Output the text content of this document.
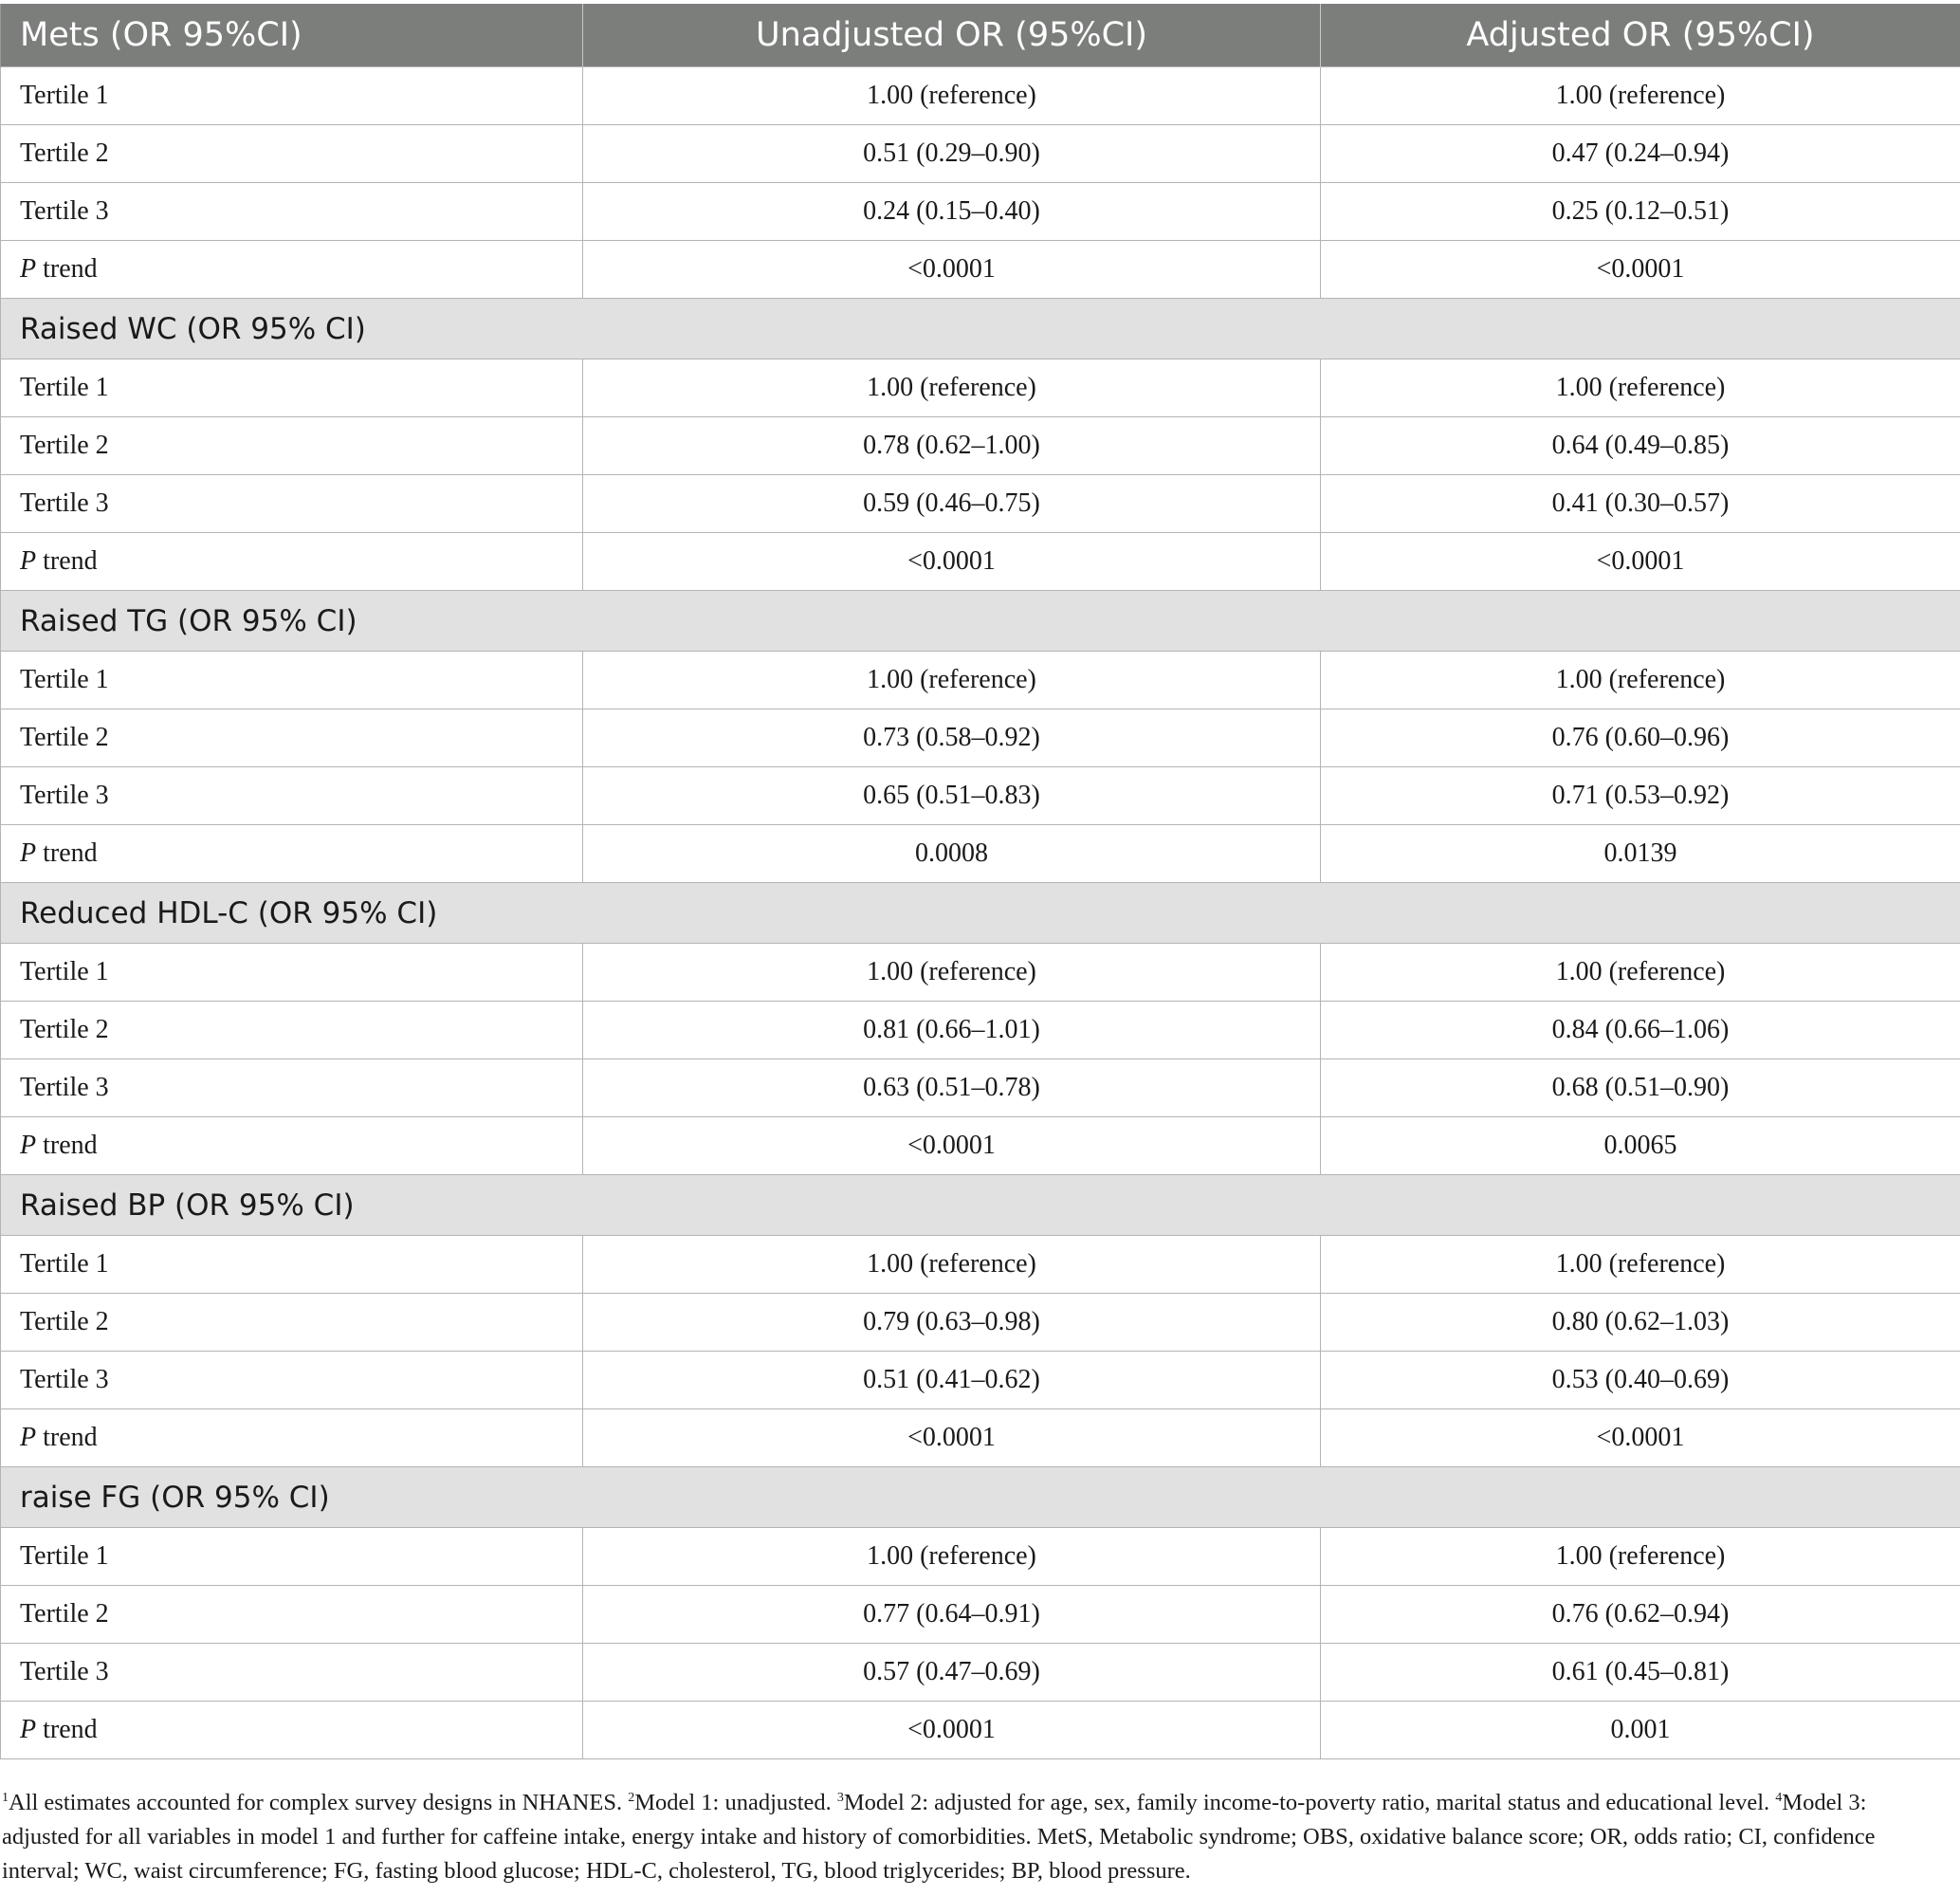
Mets (OR 95%CI)	Unadjusted OR (95%CI)	Adjusted OR (95%CI)
Tertile 1	1.00 (reference)	1.00 (reference)
Tertile 2	0.51 (0.29–0.90)	0.47 (0.24–0.94)
Tertile 3	0.24 (0.15–0.40)	0.25 (0.12–0.51)
P trend	<0.0001	<0.0001
Raised WC (OR 95% CI)		
Tertile 1	1.00 (reference)	1.00 (reference)
Tertile 2	0.78 (0.62–1.00)	0.64 (0.49–0.85)
Tertile 3	0.59 (0.46–0.75)	0.41 (0.30–0.57)
P trend	<0.0001	<0.0001
Raised TG (OR 95% CI)		
Tertile 1	1.00 (reference)	1.00 (reference)
Tertile 2	0.73 (0.58–0.92)	0.76 (0.60–0.96)
Tertile 3	0.65 (0.51–0.83)	0.71 (0.53–0.92)
P trend	0.0008	0.0139
Reduced HDL-C (OR 95% CI)		
Tertile 1	1.00 (reference)	1.00 (reference)
Tertile 2	0.81 (0.66–1.01)	0.84 (0.66–1.06)
Tertile 3	0.63 (0.51–0.78)	0.68 (0.51–0.90)
P trend	<0.0001	0.0065
Raised BP (OR 95% CI)		
Tertile 1	1.00 (reference)	1.00 (reference)
Tertile 2	0.79 (0.63–0.98)	0.80 (0.62–1.03)
Tertile 3	0.51 (0.41–0.62)	0.53 (0.40–0.69)
P trend	<0.0001	<0.0001
raise FG (OR 95% CI)		
Tertile 1	1.00 (reference)	1.00 (reference)
Tertile 2	0.77 (0.64–0.91)	0.76 (0.62–0.94)
Tertile 3	0.57 (0.47–0.69)	0.61 (0.45–0.81)
P trend	<0.0001	0.001
$^1$All estimates accounted for complex survey designs in NHANES. $^2$Model 1: unadjusted. $^3$Model 2: adjusted for age, sex, family income-to-poverty ratio, marital status and educational level. $^4$Model 3: adjusted for all variables in model 1 and further for caffeine intake, energy intake and history of comorbidities. MetS, Metabolic syndrome; OBS, oxidative balance score; OR, odds ratio; CI, confidence interval; WC, waist circumference; FG, fasting blood glucose; HDL-C, cholesterol, TG, blood triglycerides; BP, blood pressure.
